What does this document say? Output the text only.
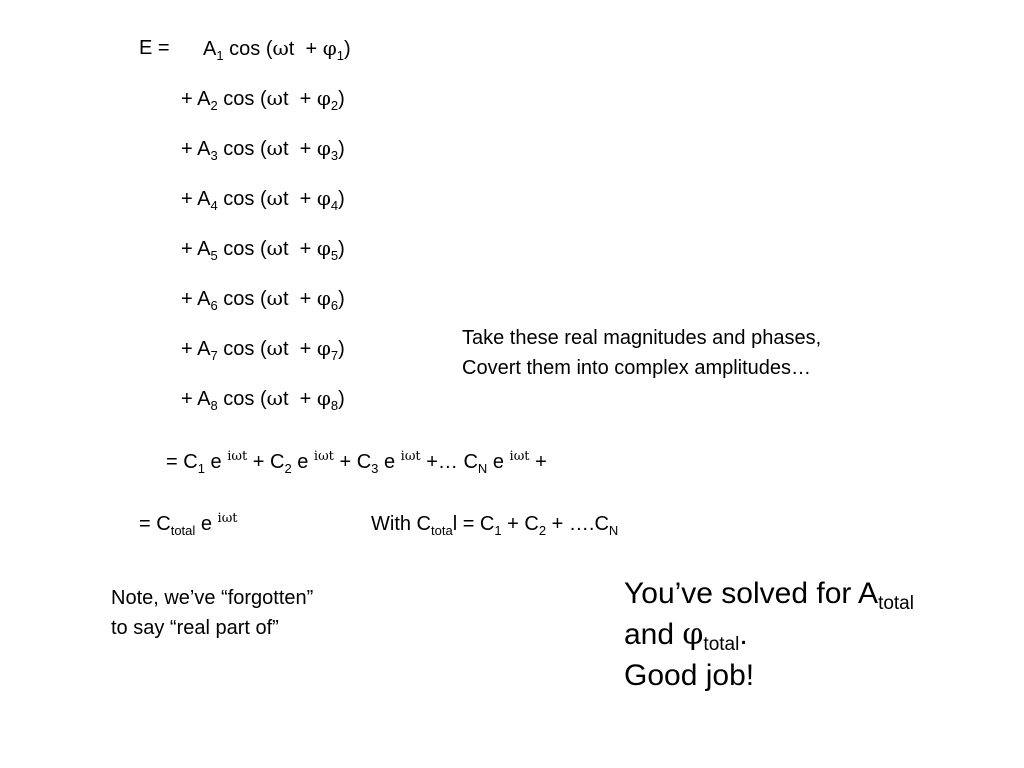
$E = A_1$ $\cos (\omega t + \varphi_1)$
+ $A_2$ $\cos (\omega t + \varphi_2)$
+ $A_3$ $\cos (\omega t + \varphi_3)$
+ $A_4$ $\cos (\omega t + \varphi_4)$
+ $A_5$ $\cos (\omega t + \varphi_5)$
+ $A_6$ $\cos (\omega t + \varphi_6)$
+ $A_7$ $\cos (\omega t + \varphi_7)$
+ $A_8$ $\cos (\omega t + \varphi_8)$
Take these real magnitudes and phases,
Covert them into complex amplitudes…
= $C_1$ e $^{i\omega t} + C_2$ e $^{i\omega t} + C_3$ e $^{i\omega t}$ +… $C_N$ e $^{i\omega t}$ +
= $C_{total}$ e $^{i\omega t}$	With $C_{tota}l = C_1 + C_2$ + $\dots.C_N$
Note, we’ve “forgotten”
to say “real part of”
You’ve solved for $A_{total}$
and $\varphi_{total}$.
Good job!
